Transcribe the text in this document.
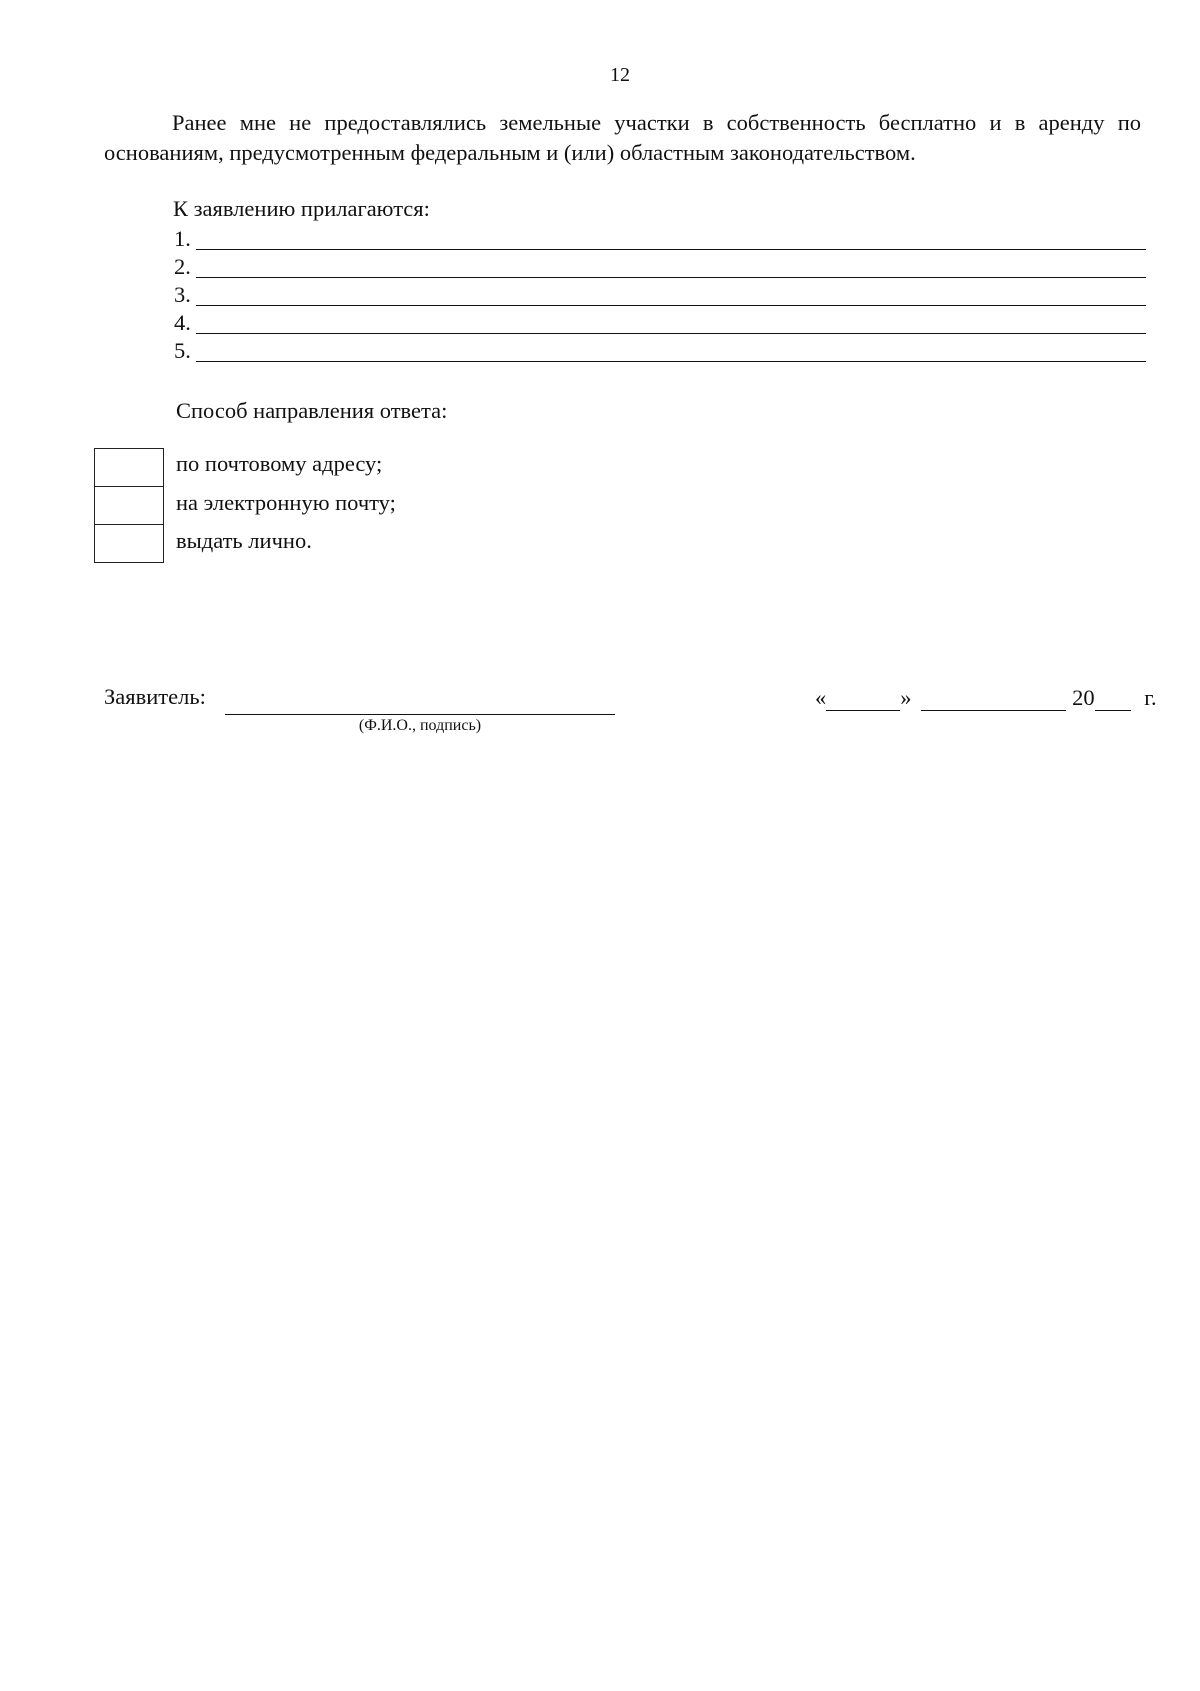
12

Ранее мне не предоставлялись земельные участки в собственность бесплатно и в аренду по основаниям, предусмотренным федеральным и (или) областным законодательством.

К заявлению прилагаются:
1.
2.
3.
4.
5.
Способ направления ответа:
по почтовому адресу;
на электронную почту;
выдать лично.
Заявитель:
(Ф.И.О., подпись)
«	»	20 г.
